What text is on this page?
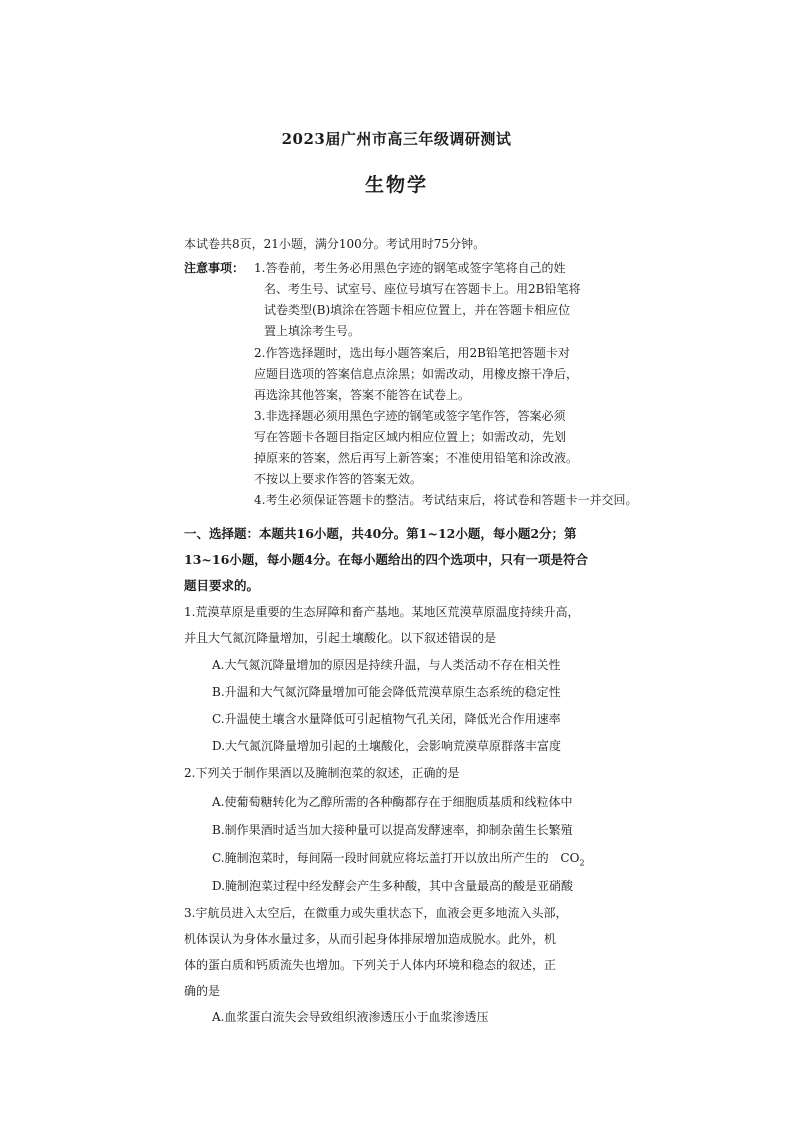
2023届广州市高三年级调研测试
生物学
本试卷共8页，21小题，满分100分。考试用时75分钟。
注意事项： 1.答卷前，考生务必用黑色字迹的钢笔或签字笔将自己的姓
名、考生号、试室号、座位号填写在答题卡上。用2B铅笔将
试卷类型(B)填涂在答题卡相应位置上，并在答题卡相应位
置上填涂考生号。
2.作答选择题时，选出每小题答案后，用2B铅笔把答题卡对
应题目选项的答案信息点涂黑；如需改动，用橡皮擦干净后，
再选涂其他答案，答案不能答在试卷上。
3.非选择题必须用黑色字迹的钢笔或签字笔作答，答案必须
写在答题卡各题目指定区域内相应位置上；如需改动，先划
掉原来的答案，然后再写上新答案；不准使用铅笔和涂改液。
不按以上要求作答的答案无效。
4.考生必须保证答题卡的整洁。考试结束后，将试卷和答题卡一并交回。
一、选择题：本题共16小题，共40分。第1~12小题，每小题2分；第
13~16小题，每小题4分。在每小题给出的四个选项中，只有一项是符合
题目要求的。
1.荒漠草原是重要的生态屏障和畜产基地。某地区荒漠草原温度持续升高，
并且大气氮沉降量增加，引起土壤酸化。以下叙述错误的是
A.大气氮沉降量增加的原因是持续升温，与人类活动不存在相关性
B.升温和大气氮沉降量增加可能会降低荒漠草原生态系统的稳定性
C.升温使土壤含水量降低可引起植物气孔关闭，降低光合作用速率
D.大气氮沉降量增加引起的土壤酸化，会影响荒漠草原群落丰富度
2.下列关于制作果酒以及腌制泡菜的叙述，正确的是
A.使葡萄糖转化为乙醇所需的各种酶都存在于细胞质基质和线粒体中
B.制作果酒时适当加大接种量可以提高发酵速率，抑制杂菌生长繁殖
C.腌制泡菜时，每间隔一段时间就应将坛盖打开以放出所产生的 $CO_2$
D.腌制泡菜过程中经发酵会产生多种酸，其中含量最高的酸是亚硝酸
3.宇航员进入太空后，在微重力或失重状态下，血液会更多地流入头部，
机体误认为身体水量过多，从而引起身体排尿增加造成脱水。此外，机
体的蛋白质和钙质流失也增加。下列关于人体内环境和稳态的叙述，正
确的是
A.血浆蛋白流失会导致组织液渗透压小于血浆渗透压
